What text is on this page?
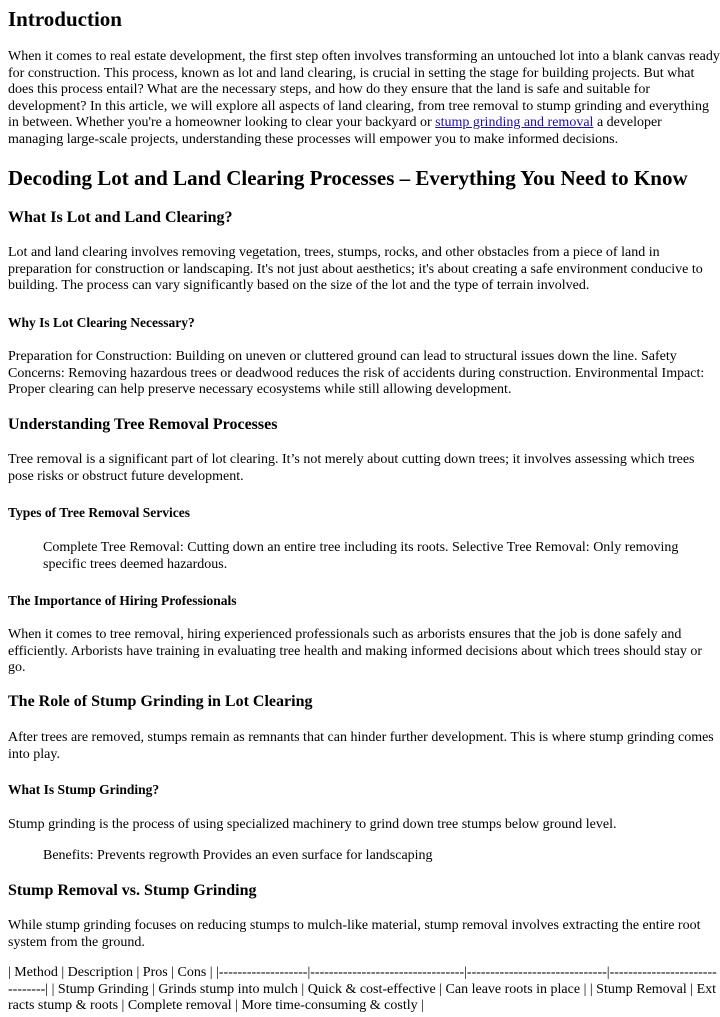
Introduction

When it comes to real estate development, the first step often involves transforming an untouched lot into a blank canvas ready for construction. This process, known as lot and land clearing, is crucial in setting the stage for building projects. But what does this process entail? What are the necessary steps, and how do they ensure that the land is safe and suitable for development? In this article, we will explore all aspects of land clearing, from tree removal to stump grinding and everything in between. Whether you're a homeowner looking to clear your backyard or stump grinding and removal a developer managing large-scale projects, understanding these processes will empower you to make informed decisions.

Decoding Lot and Land Clearing Processes – Everything You Need to Know
What Is Lot and Land Clearing?

Lot and land clearing involves removing vegetation, trees, stumps, rocks, and other obstacles from a piece of land in preparation for construction or landscaping. It's not just about aesthetics; it's about creating a safe environment conducive to building. The process can vary significantly based on the size of the lot and the type of terrain involved.

Why Is Lot Clearing Necessary?

Preparation for Construction: Building on uneven or cluttered ground can lead to structural issues down the line. Safety Concerns: Removing hazardous trees or deadwood reduces the risk of accidents during construction. Environmental Impact: Proper clearing can help preserve necessary ecosystems while still allowing development.

Understanding Tree Removal Processes

Tree removal is a significant part of lot clearing. It’s not merely about cutting down trees; it involves assessing which trees pose risks or obstruct future development.

Types of Tree Removal Services
Complete Tree Removal: Cutting down an entire tree including its roots. Selective Tree Removal: Only removing specific trees deemed hazardous.
The Importance of Hiring Professionals

When it comes to tree removal, hiring experienced professionals such as arborists ensures that the job is done safely and efficiently. Arborists have training in evaluating tree health and making informed decisions about which trees should stay or go.

The Role of Stump Grinding in Lot Clearing

After trees are removed, stumps remain as remnants that can hinder further development. This is where stump grinding comes into play.

What Is Stump Grinding?

Stump grinding is the process of using specialized machinery to grind down tree stumps below ground level.

Benefits: Prevents regrowth Provides an even surface for landscaping
Stump Removal vs. Stump Grinding

While stump grinding focuses on reducing stumps to mulch-like material, stump removal involves extracting the entire root system from the ground.

| Method | Description | Pros | Cons | |-------------------|---------------------------------|------------------------------|-------------------------------| | Stump Grinding | Grinds stump into mulch | Quick & cost-effective | Can leave roots in place | | Stump Removal | Extracts stump & roots | Complete removal | More time-consuming & costly |
